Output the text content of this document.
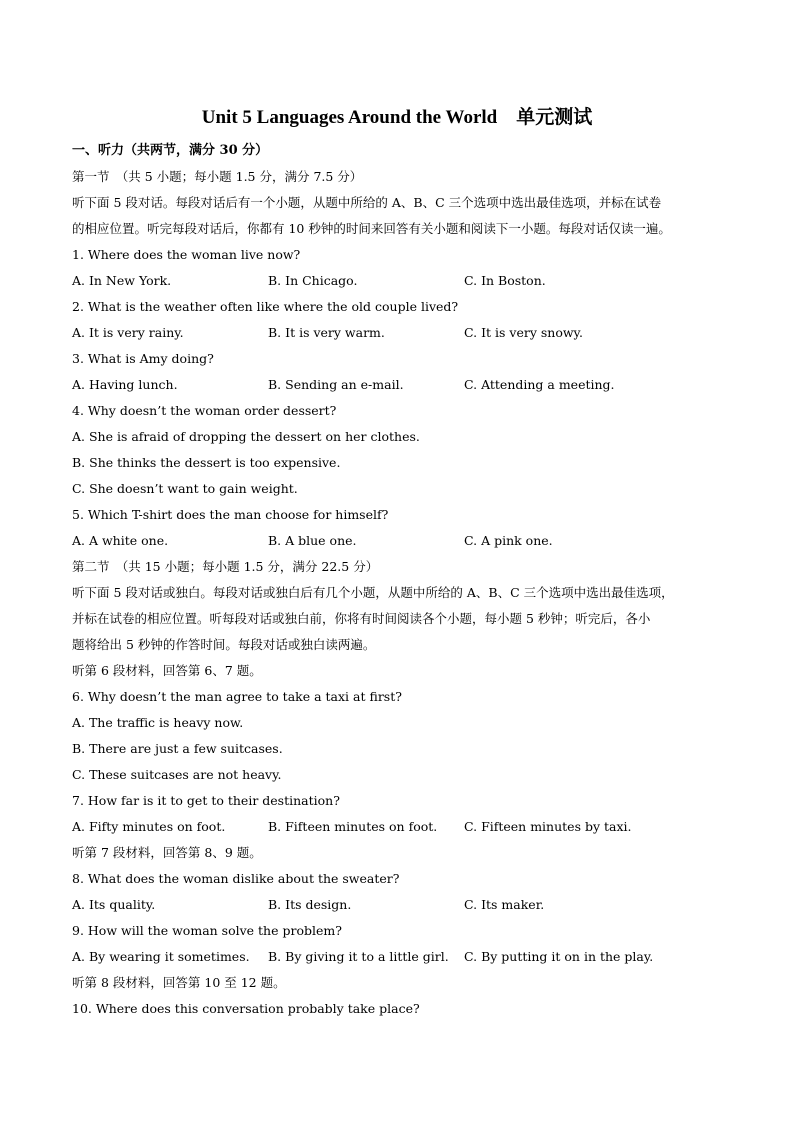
Unit 5 Languages Around the World　单元测试
一、听力（共两节，满分 30 分）
第一节　（共 5 小题；每小题 1.5 分，满分 7.5 分）
听下面 5 段对话。每段对话后有一个小题，从题中所给的 A、B、C 三个选项中选出最佳选项，并标在试卷
的相应位置。听完每段对话后，你都有 10 秒钟的时间来回答有关小题和阅读下一小题。每段对话仅读一遍。
1. Where does the woman live now?
A. In New York.	B. In Chicago.	C. In Boston.
2. What is the weather often like where the old couple lived?
A. It is very rainy.	B. It is very warm.	C. It is very snowy.
3. What is Amy doing?
A. Having lunch.	B. Sending an e-mail.	C. Attending a meeting.
4. Why doesn’t the woman order dessert?
A. She is afraid of dropping the dessert on her clothes.
B. She thinks the dessert is too expensive.
C. She doesn’t want to gain weight.
5. Which T-shirt does the man choose for himself?
A. A white one.	B. A blue one.	C. A pink one.
第二节　（共 15 小题；每小题 1.5 分，满分 22.5 分）
听下面 5 段对话或独白。每段对话或独白后有几个小题，从题中所给的 A、B、C 三个选项中选出最佳选项，
并标在试卷的相应位置。听每段对话或独白前，你将有时间阅读各个小题，每小题 5 秒钟；听完后，各小
题将给出 5 秒钟的作答时间。每段对话或独白读两遍。
听第 6 段材料，回答第 6、7 题。
6. Why doesn’t the man agree to take a taxi at first?
A. The traffic is heavy now.
B. There are just a few suitcases.
C. These suitcases are not heavy.
7. How far is it to get to their destination?
A. Fifty minutes on foot.	B. Fifteen minutes on foot. C. Fifteen minutes by taxi.
听第 7 段材料，回答第 8、9 题。
8. What does the woman dislike about the sweater?
A. Its quality.	B. Its design.	C. Its maker.
9. How will the woman solve the problem?
A. By wearing it sometimes. B. By giving it to a little girl. C. By putting it on in the play.
听第 8 段材料，回答第 10 至 12 题。
10. Where does this conversation probably take place?
